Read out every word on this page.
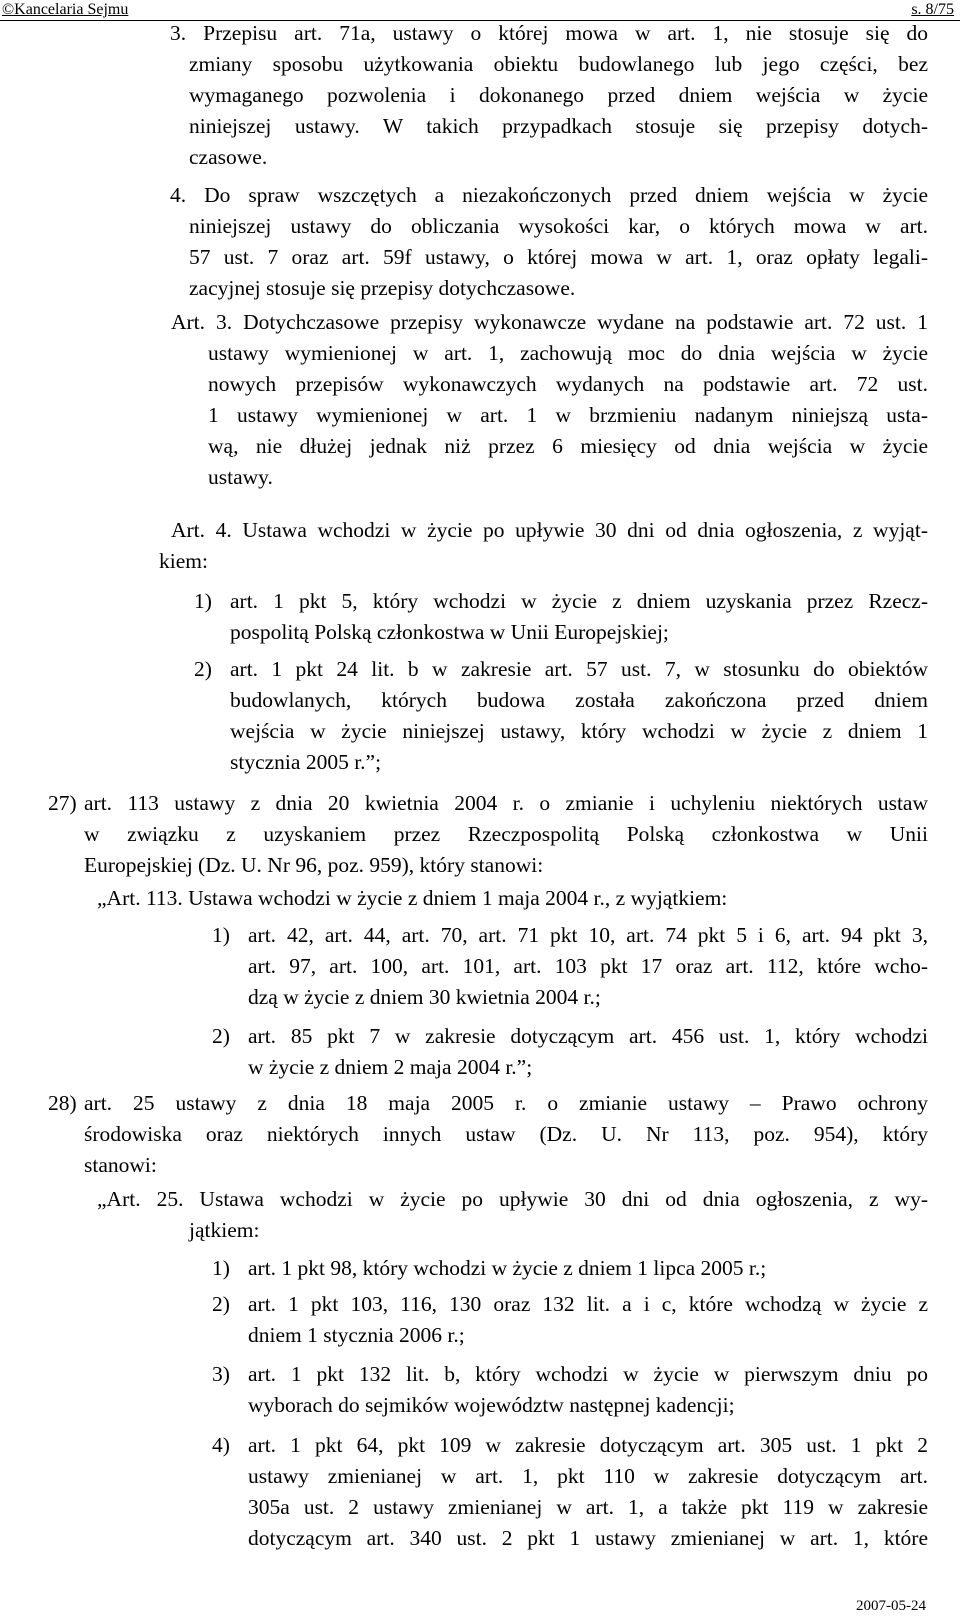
©Kancelaria Sejmu	s. 8/75
3. Przepisu art. 71a, ustawy o której mowa w art. 1, nie stosuje się do
zmiany sposobu użytkowania obiektu budowlanego lub jego części, bez
wymaganego pozwolenia i dokonanego przed dniem wejścia w życie
niniejszej ustawy. W takich przypadkach stosuje się przepisy dotych-
czasowe.
4. Do spraw wszczętych a niezakończonych przed dniem wejścia w życie
niniejszej ustawy do obliczania wysokości kar, o których mowa w art.
57 ust. 7 oraz art. 59f ustawy, o której mowa w art. 1, oraz opłaty legali-
zacyjnej stosuje się przepisy dotychczasowe.
Art. 3. Dotychczasowe przepisy wykonawcze wydane na podstawie art. 72 ust. 1
ustawy wymienionej w art. 1, zachowują moc do dnia wejścia w życie
nowych przepisów wykonawczych wydanych na podstawie art. 72 ust.
1 ustawy wymienionej w art. 1 w brzmieniu nadanym niniejszą usta-
wą, nie dłużej jednak niż przez 6 miesięcy od dnia wejścia w życie
ustawy.
Art. 4. Ustawa wchodzi w życie po upływie 30 dni od dnia ogłoszenia, z wyjąt-
kiem:
1) art. 1 pkt 5, który wchodzi w życie z dniem uzyskania przez Rzecz-
pospolitą Polską członkostwa w Unii Europejskiej;
2) art. 1 pkt 24 lit. b w zakresie art. 57 ust. 7, w stosunku do obiektów
budowlanych, których budowa została zakończona przed dniem
wejścia w życie niniejszej ustawy, który wchodzi w życie z dniem 1
stycznia 2005 r.”;
27) art. 113 ustawy z dnia 20 kwietnia 2004 r. o zmianie i uchyleniu niektórych ustaw
w związku z uzyskaniem przez Rzeczpospolitą Polską członkostwa w Unii
Europejskiej (Dz. U. Nr 96, poz. 959), który stanowi:
„Art. 113. Ustawa wchodzi w życie z dniem 1 maja 2004 r., z wyjątkiem:
1) art. 42, art. 44, art. 70, art. 71 pkt 10, art. 74 pkt 5 i 6, art. 94 pkt 3,
art. 97, art. 100, art. 101, art. 103 pkt 17 oraz art. 112, które wcho-
dzą w życie z dniem 30 kwietnia 2004 r.;
2) art. 85 pkt 7 w zakresie dotyczącym art. 456 ust. 1, który wchodzi
w życie z dniem 2 maja 2004 r.”;
28) art. 25 ustawy z dnia 18 maja 2005 r. o zmianie ustawy – Prawo ochrony
środowiska oraz niektórych innych ustaw (Dz. U. Nr 113, poz. 954), który
stanowi:
„Art. 25. Ustawa wchodzi w życie po upływie 30 dni od dnia ogłoszenia, z wy-
jątkiem:
1) art. 1 pkt 98, który wchodzi w życie z dniem 1 lipca 2005 r.;
2) art. 1 pkt 103, 116, 130 oraz 132 lit. a i c, które wchodzą w życie z
dniem 1 stycznia 2006 r.;
3) art. 1 pkt 132 lit. b, który wchodzi w życie w pierwszym dniu po
wyborach do sejmików województw następnej kadencji;
4) art. 1 pkt 64, pkt 109 w zakresie dotyczącym art. 305 ust. 1 pkt 2
ustawy zmienianej w art. 1, pkt 110 w zakresie dotyczącym art.
305a ust. 2 ustawy zmienianej w art. 1, a także pkt 119 w zakresie
dotyczącym art. 340 ust. 2 pkt 1 ustawy zmienianej w art. 1, które
2007-05-24
